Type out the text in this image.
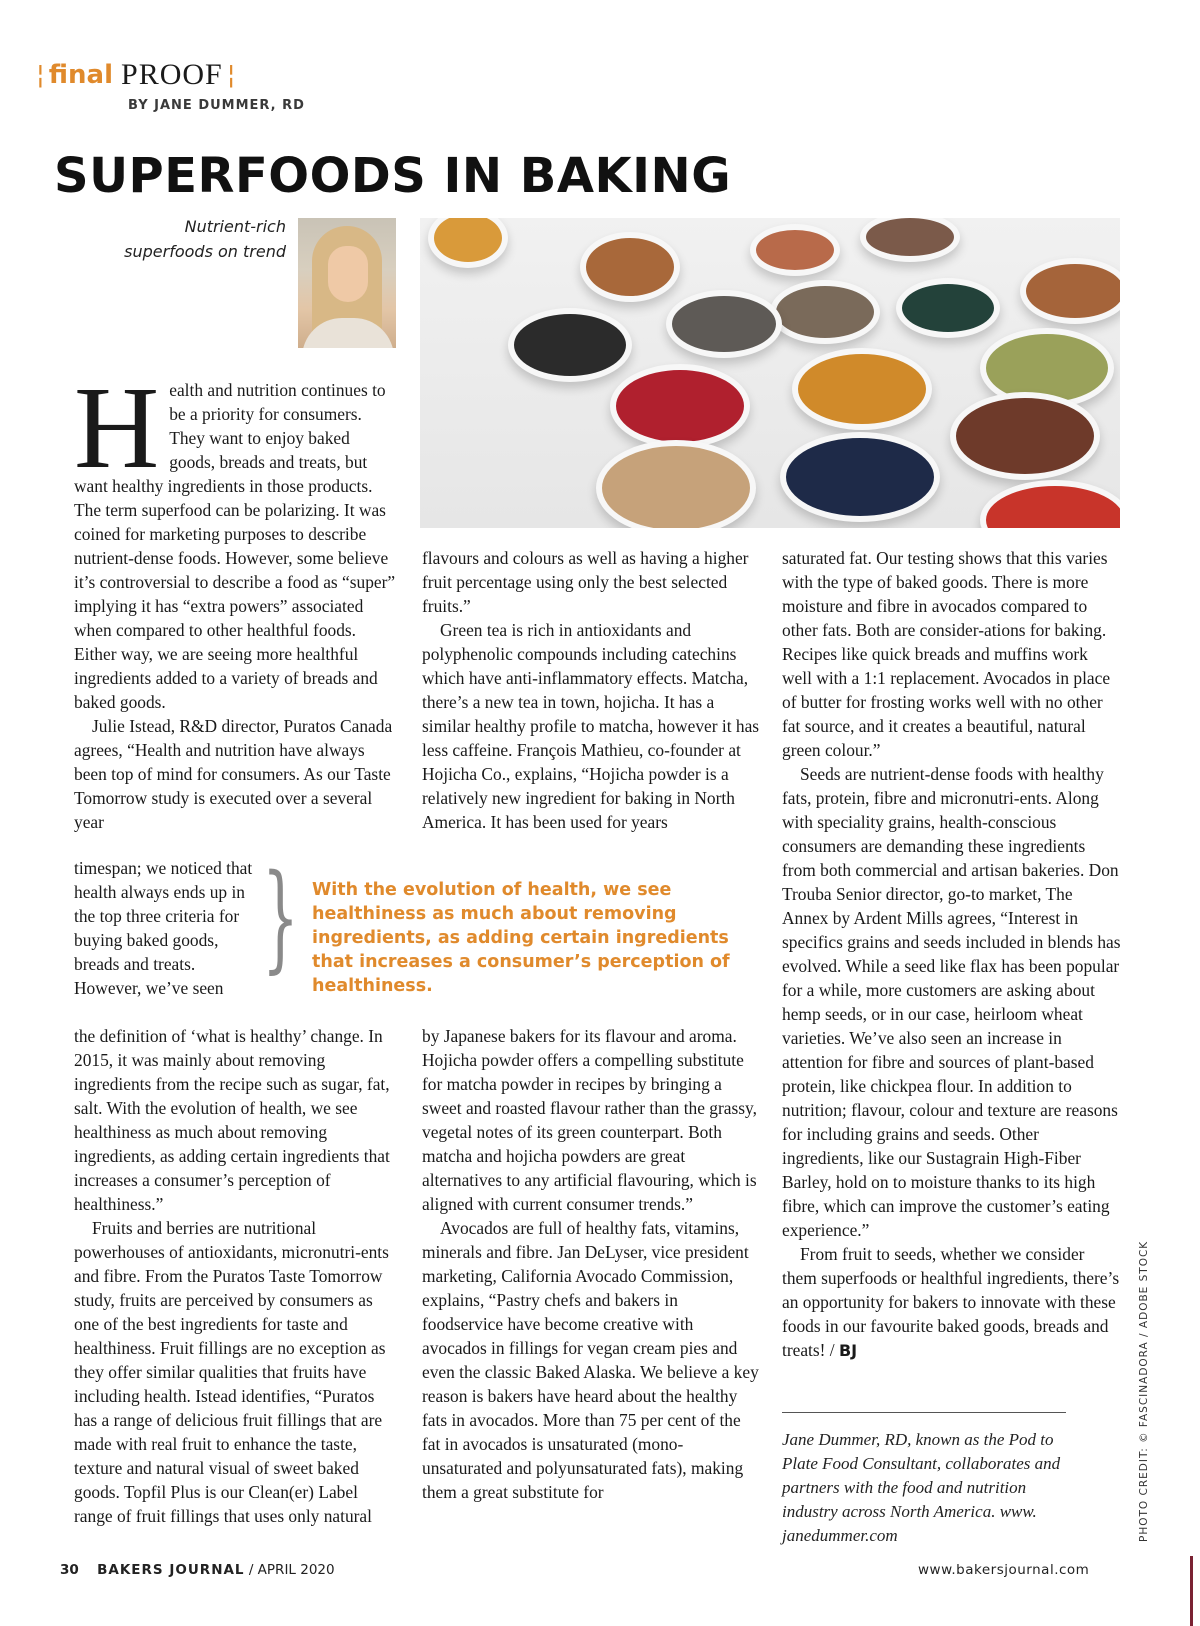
¦ final PROOF ¦
BY JANE DUMMER, RD
SUPERFOODS IN BAKING
Nutrient-rich
superfoods on trend
H ealth and nutrition continues to be a priority for consumers. They want to enjoy baked goods, breads and treats, but want healthy ingredients in those products. The term superfood can be polarizing. It was coined for marketing purposes to describe nutrient-dense foods. However, some believe it’s controversial to describe a food as “super” implying it has “extra powers” associated when compared to other healthful foods. Either way, we are seeing more healthful ingredients added to a variety of breads and baked goods.

Julie Istead, R&D director, Puratos Canada agrees, “Health and nutrition have always been top of mind for consumers. As our Taste Tomorrow study is executed over a several year

timespan; we noticed that health always ends up in the top three criteria for buying baked goods, breads and treats. However, we’ve seen

} With the evolution of health, we see healthiness as much about removing ingredients, as adding certain ingredients that increases a consumer’s perception of healthiness.

the definition of ‘what is healthy’ change. In 2015, it was mainly about removing ingredients from the recipe such as sugar, fat, salt. With the evolution of health, we see healthiness as much about removing ingredients, as adding certain ingredients that increases a consumer’s perception of healthiness.”

Fruits and berries are nutritional powerhouses of antioxidants, micronutri-ents and fibre. From the Puratos Taste Tomorrow study, fruits are perceived by consumers as one of the best ingredients for taste and healthiness. Fruit fillings are no exception as they offer similar qualities that fruits have including health. Istead identifies, “Puratos has a range of delicious fruit fillings that are made with real fruit to enhance the taste, texture and natural visual of sweet baked goods. Topfil Plus is our Clean(er) Label range of fruit fillings that uses only natural

flavours and colours as well as having a higher fruit percentage using only the best selected fruits.”

Green tea is rich in antioxidants and polyphenolic compounds including catechins which have anti-inflammatory effects. Matcha, there’s a new tea in town, hojicha. It has a similar healthy profile to matcha, however it has less caffeine. François Mathieu, co-founder at Hojicha Co., explains, “Hojicha powder is a relatively new ingredient for baking in North America. It has been used for years

by Japanese bakers for its flavour and aroma. Hojicha powder offers a compelling substitute for matcha powder in recipes by bringing a sweet and roasted flavour rather than the grassy, vegetal notes of its green counterpart. Both matcha and hojicha powders are great alternatives to any artificial flavouring, which is aligned with current consumer trends.”

Avocados are full of healthy fats, vitamins, minerals and fibre. Jan DeLyser, vice president marketing, California Avocado Commission, explains, “Pastry chefs and bakers in foodservice have become creative with avocados in fillings for vegan cream pies and even the classic Baked Alaska. We believe a key reason is bakers have heard about the healthy fats in avocados. More than 75 per cent of the fat in avocados is unsaturated (mono-unsaturated and polyunsaturated fats), making them a great substitute for

saturated fat. Our testing shows that this varies with the type of baked goods. There is more moisture and fibre in avocados compared to other fats. Both are consider-ations for baking. Recipes like quick breads and muffins work well with a 1:1 replacement. Avocados in place of butter for frosting works well with no other fat source, and it creates a beautiful, natural green colour.”

Seeds are nutrient-dense foods with healthy fats, protein, fibre and micronutri-ents. Along with speciality grains, health-conscious consumers are demanding these ingredients from both commercial and artisan bakeries. Don Trouba Senior director, go-to market, The Annex by Ardent Mills agrees, “Interest in specifics grains and seeds included in blends has evolved. While a seed like flax has been popular for a while, more customers are asking about hemp seeds, or in our case, heirloom wheat varieties. We’ve also seen an increase in attention for fibre and sources of plant-based protein, like chickpea flour. In addition to nutrition; flavour, colour and texture are reasons for including grains and seeds. Other ingredients, like our Sustagrain High-Fiber Barley, hold on to moisture thanks to its high fibre, which can improve the customer’s eating experience.”

From fruit to seeds, whether we consider them superfoods or healthful ingredients, there’s an opportunity for bakers to innovate with these foods in our favourite baked goods, breads and treats! / BJ

Jane Dummer, RD, known as the Pod to Plate Food Consultant, collaborates and partners with the food and nutrition industry across North America. www. janedummer.com	PHOTO CREDIT: © FASCINADORA / ADOBE STOCK
30 BAKERS JOURNAL / APRIL 2020	www.bakersjournal.com
